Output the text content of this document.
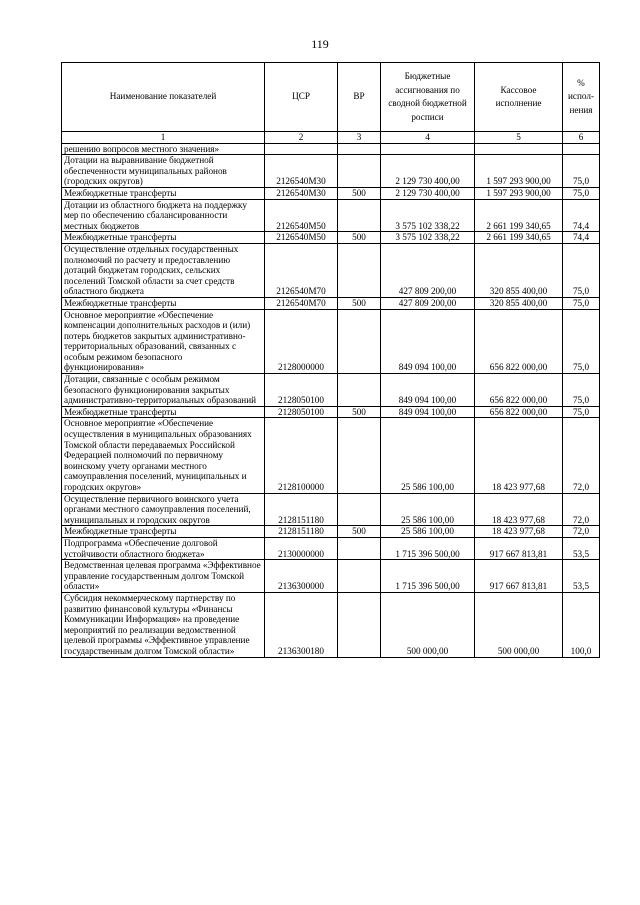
119
Наименование показателей	ЦСР	ВР	Бюджетные ассигнования по сводной бюджетной росписи	Кассовое исполнение	% испол-нения
1	2	3	4	5	6
решению вопросов местного значения»					
Дотации на выравнивание бюджетной обеспеченности муниципальных районов (городских округов)	2126540М30		2 129 730 400,00	1 597 293 900,00	75,0
Межбюджетные трансферты	2126540М30	500	2 129 730 400,00	1 597 293 900,00	75,0
Дотации из областного бюджета на поддержку мер по обеспечению сбалансированности местных бюджетов	2126540М50		3 575 102 338,22	2 661 199 340,65	74,4
Межбюджетные трансферты	2126540М50	500	3 575 102 338,22	2 661 199 340,65	74,4
Осуществление отдельных государственных полномочий по расчету и предоставлению дотаций бюджетам городских, сельских поселений Томской области за счет средств областного бюджета	2126540М70		427 809 200,00	320 855 400,00	75,0
Межбюджетные трансферты	2126540М70	500	427 809 200,00	320 855 400,00	75,0
Основное мероприятие «Обеспечение компенсации дополнительных расходов и (или) потерь бюджетов закрытых административно-территориальных образований, связанных с особым режимом безопасного функционирования»	2128000000		849 094 100,00	656 822 000,00	75,0
Дотации, связанные с особым режимом безопасного функционирования закрытых административно-территориальных образований	2128050100		849 094 100,00	656 822 000,00	75,0
Межбюджетные трансферты	2128050100	500	849 094 100,00	656 822 000,00	75,0
Основное мероприятие «Обеспечение осуществления в муниципальных образованиях Томской области передаваемых Российской Федерацией полномочий по первичному воинскому учету органами местного самоуправления поселений, муниципальных и городских округов»	2128100000		25 586 100,00	18 423 977,68	72,0
Осуществление первичного воинского учета органами местного самоуправления поселений, муниципальных и городских округов	2128151180		25 586 100,00	18 423 977,68	72,0
Межбюджетные трансферты	2128151180	500	25 586 100,00	18 423 977,68	72,0
Подпрограмма «Обеспечение долговой устойчивости областного бюджета»	2130000000		1 715 396 500,00	917 667 813,81	53,5
Ведомственная целевая программа «Эффективное управление государственным долгом Томской области»	2136300000		1 715 396 500,00	917 667 813,81	53,5
Субсидия некоммерческому партнерству по развитию финансовой культуры «Финансы Коммуникации Информация» на проведение мероприятий по реализации ведомственной целевой программы «Эффективное управление государственным долгом Томской области»	2136300180		500 000,00	500 000,00	100,0
